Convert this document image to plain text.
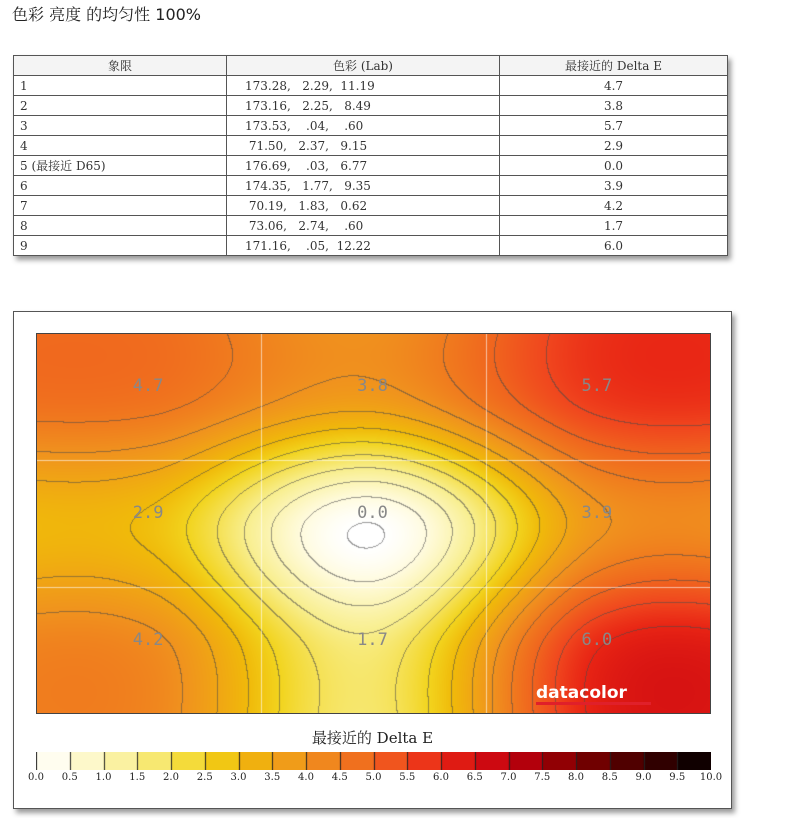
色彩 亮度 的均匀性 100%
象限	色彩 (Lab)	最接近的 Delta E
1	173.28,   2.29,  11.19	4.7
2	173.16,   2.25,   8.49	3.8
3	173.53,    .04,    .60	5.7
4	71.50,   2.37,   9.15	2.9
5 (最接近 D65)	176.69,    .03,   6.77	0.0
6	174.35,   1.77,   9.35	3.9
7	70.19,   1.83,   0.62	4.2
8	73.06,   2.74,    .60	1.7
9	171.16,    .05,  12.22	6.0
4.7	3.8	5.7
2.9	0.0	3.9
4.2	1.7	6.0
datacolor
最接近的 Delta E
0.0 0.5 1.0 1.5 2.0 2.5 3.0 3.5 4.0 4.5 5.0 5.5 6.0 6.5 7.0 7.5 8.0 8.5 9.0 9.5 10.0
